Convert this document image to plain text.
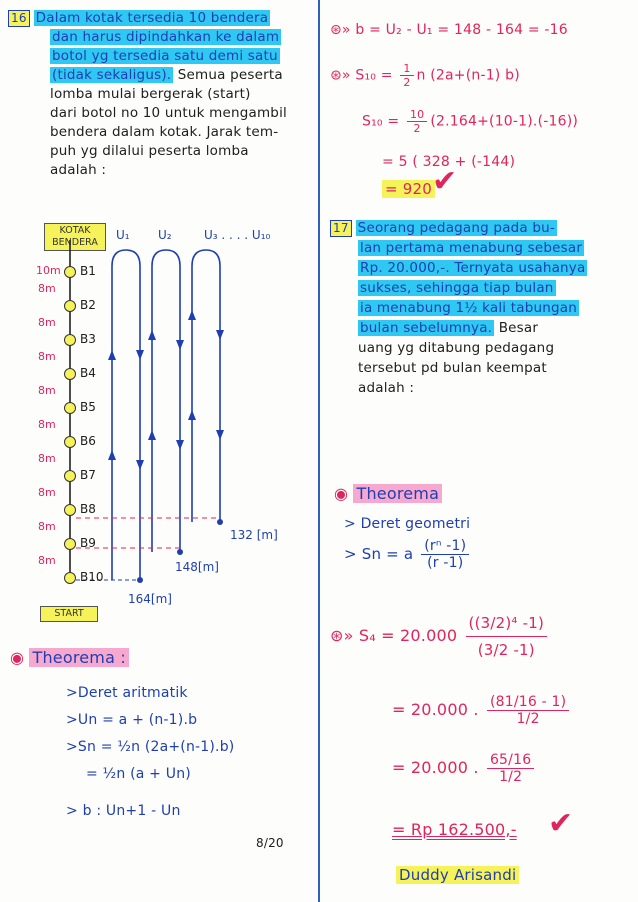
16 Dalam kotak tersedia 10 bendera
dan harus dipindahkan ke dalam
botol yg tersedia satu demi satu
(tidak sekaligus). Semua peserta
lomba mulai bergerak (start)
dari botol no 10 untuk mengambil
bendera dalam kotak. Jarak tem-
puh yg dilalui peserta lomba
adalah :
KOTAK BENDERA
START
U₁ U₂	U₃ . . . . U₁₀
10m
132 [m]
148[m]
164[m]
◉ Theorema :
>Deret aritmatik
>Un = a + (n-1).b
>Sn = ½n (2a+(n-1).b)
= ½n (a + Un)
> b : Un+1 - Un
8/20
⊛» b = U₂ - U₁ = 148 - 164 = -16
⊛» $S_{10} = \frac{1}{2}$ n (2a+(n-1) b)
$S_{10} = \frac{10}{2} (2.164+(10-1).(-16))$
= 5 ( 328 + (-144)
= 920 ✔
17 Seorang pedagang pada bu-
lan pertama menabung sebesar
Rp. 20.000,-. Ternyata usahanya
sukses, sehingga tiap bulan
ia menabung 1½ kali tabungan
bulan sebelumnya. Besar
uang yg ditabung pedagang
tersebut pd bulan keempat
adalah :
◉ Theorema
> Deret geometri
> Sn = a $\frac{\text{(rⁿ -1)}}{(r -1)}$
⊛» $S_4 = 20.000 \frac{\text{((3/2)⁴ -1)}}{(3/2 -1)}$
= 20.000 . $\frac{(81/16 - 1)}{1/2}$
= 20.000 . $\frac{65/16}{1/2}$
= Rp 162.500,- ✔
Duddy Arisandi
B1
B2
B3
B4
B5
B6
B7
B8
B9
B10
8m
8m
8m
8m
8m
8m
8m
8m
8m
